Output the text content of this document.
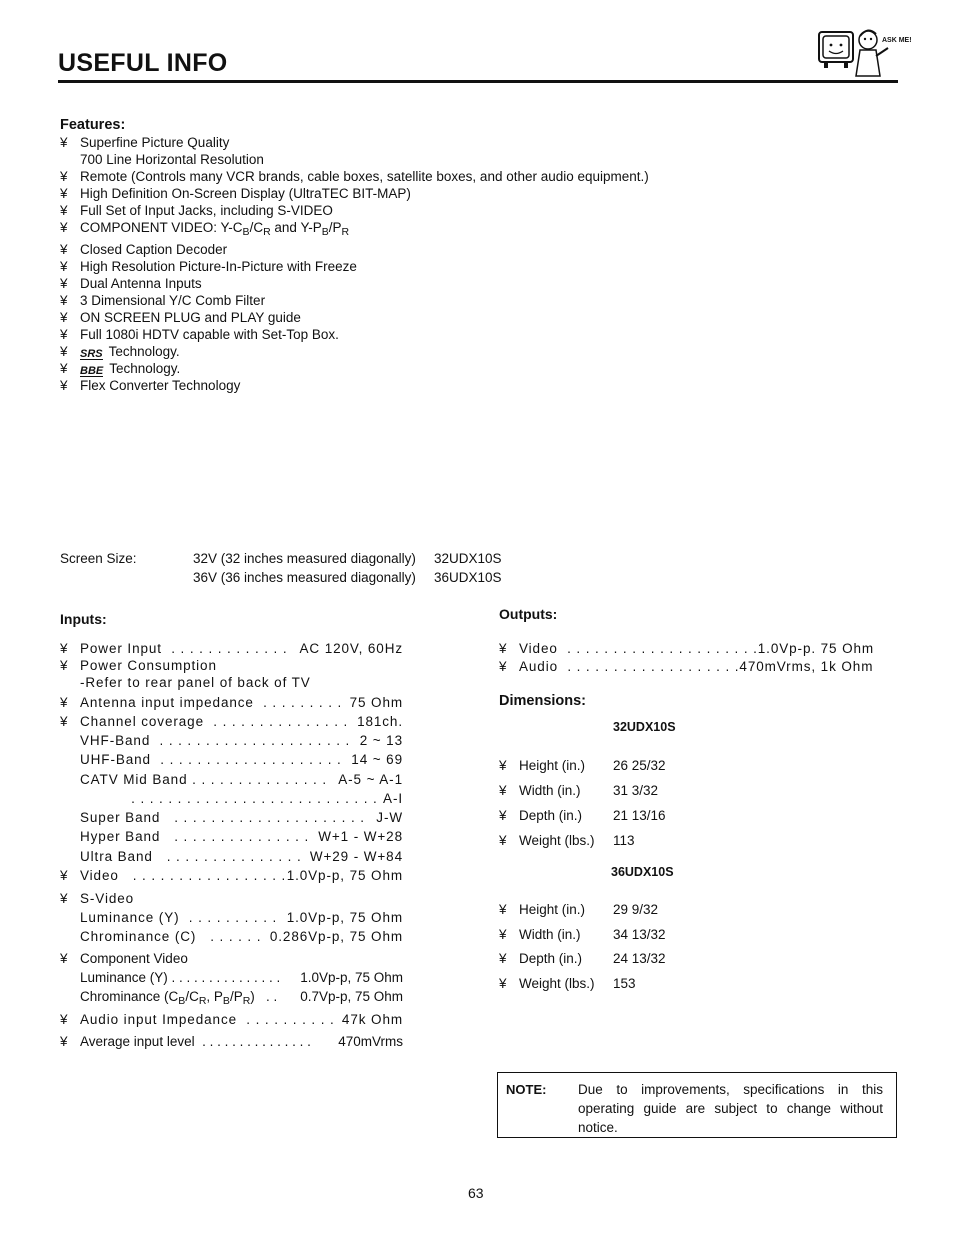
USEFUL INFO
ASK ME!
Features:
¥ Superfine Picture Quality
700 Line Horizontal Resolution
¥ Remote (Controls many VCR brands, cable boxes, satellite boxes, and other audio equipment.)
¥ High Definition On-Screen Display (UltraTEC BIT-MAP)
¥ Full Set of Input Jacks, including S-VIDEO
¥ COMPONENT VIDEO: $Y-C_B/C_R$ and $Y-P_B/P_R$
¥ Closed Caption Decoder
¥ High Resolution Picture-In-Picture with Freeze
¥ Dual Antenna Inputs
¥ 3 Dimensional Y/C Comb Filter
¥ ON SCREEN PLUG and PLAY guide
¥ Full 1080i HDTV capable with Set-Top Box.
¥	SRS Technology.
¥	BBE Technology.
¥ Flex Converter Technology
Screen Size:	32V (32 inches measured diagonally)	32UDX10S
36V (36 inches measured diagonally)	36UDX10S
Inputs:
¥ Power Input  . . . . . . . . . . . . . AC 120V, 60Hz
¥ Power Consumption
-Refer to rear panel of back of TV
¥ Antenna input impedance  . . . . . . . . . 75 Ohm
¥ Channel coverage  . . . . . . . . . . . . . . . 181ch.
VHF-Band  . . . . . . . . . . . . . . . . . . . . . 2 ~ 13
UHF-Band  . . . . . . . . . . . . . . . . . . . . 14 ~ 69
CATV Mid Band . . . . . . . . . . . . . . . A-5 ~ A-1
. . . . . . . . . . . . . . . . . . . . . . . . . . . A-I
Super Band   . . . . . . . . . . . . . . . . . . . . . J-W
Hyper Band   . . . . . . . . . . . . . . . W+1 - W+28
Ultra Band   . . . . . . . . . . . . . . . W+29 - W+84
¥ Video   . . . . . . . . . . . . . . . . . 1.0Vp-p, 75 Ohm
¥ S-Video
Luminance (Y)  . . . . . . . . . . 1.0Vp-p, 75 Ohm
Chrominance (C)   . . . . . . 0.286Vp-p, 75 Ohm
¥ Component Video
Luminance (Y) . . . . . . . . . . . . . . . 1.0Vp-p, 75 Ohm
Chrominance ($C_B/C_R$, $P_B/P_R$)   . . 0.7Vp-p, 75 Ohm
¥ Audio input Impedance  . . . . . . . . . . 47k Ohm
¥ Average input level  . . . . . . . . . . . . . . . 470mVrms
Outputs:
¥ Video  . . . . . . . . . . . . . . . . . . . . . 1.0Vp-p. 75 Ohm
¥ Audio  . . . . . . . . . . . . . . . . . . . 470mVrms, 1k Ohm
Dimensions:
32UDX10S
¥ Height (in.)	26 25/32
¥ Width (in.)	31 3/32
¥ Depth (in.)	21 13/16
¥ Weight (lbs.)	113
36UDX10S
¥ Height (in.)	29 9/32
¥ Width (in.)	34 13/32
¥ Depth (in.)	24 13/32
¥ Weight (lbs.)	153
NOTE: Due to improvements, specifications in this operating guide are subject to change without notice.
63
